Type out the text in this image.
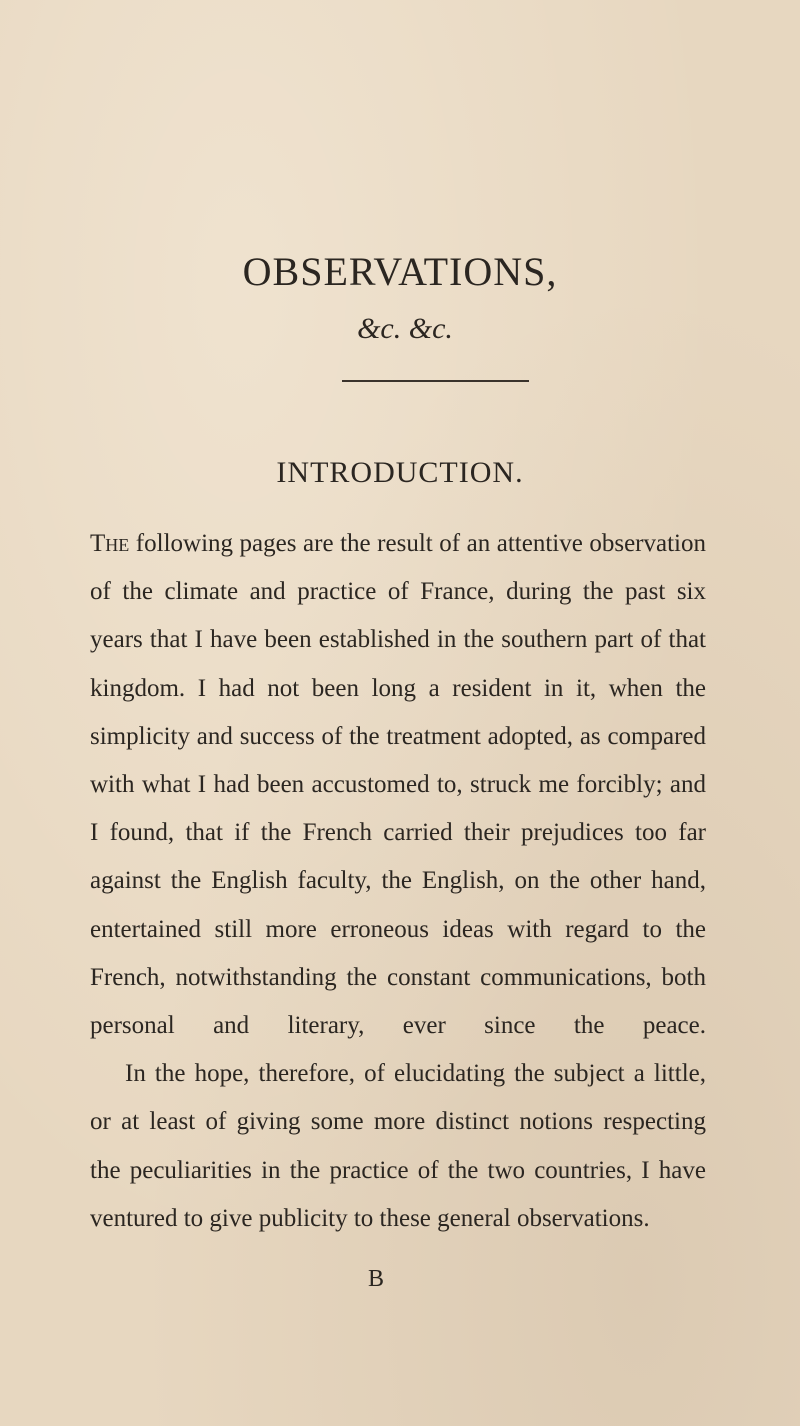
OBSERVATIONS,
&c. &c.
INTRODUCTION.

The following pages are the result of an attentive observation of the climate and practice of France, during the past six years that I have been established in the southern part of that kingdom. I had not been long a resident in it, when the simplicity and success of the treatment adopted, as compared with what I had been accustomed to, struck me forcibly; and I found, that if the French carried their prejudices too far against the English faculty, the English, on the other hand, entertained still more erroneous ideas with regard to the French, notwithstanding the constant communications, both personal and literary, ever since the peace.

In the hope, therefore, of elucidating the subject a little, or at least of giving some more distinct notions respecting the peculiarities in the practice of the two countries, I have ventured to give publicity to these general observations.

B
